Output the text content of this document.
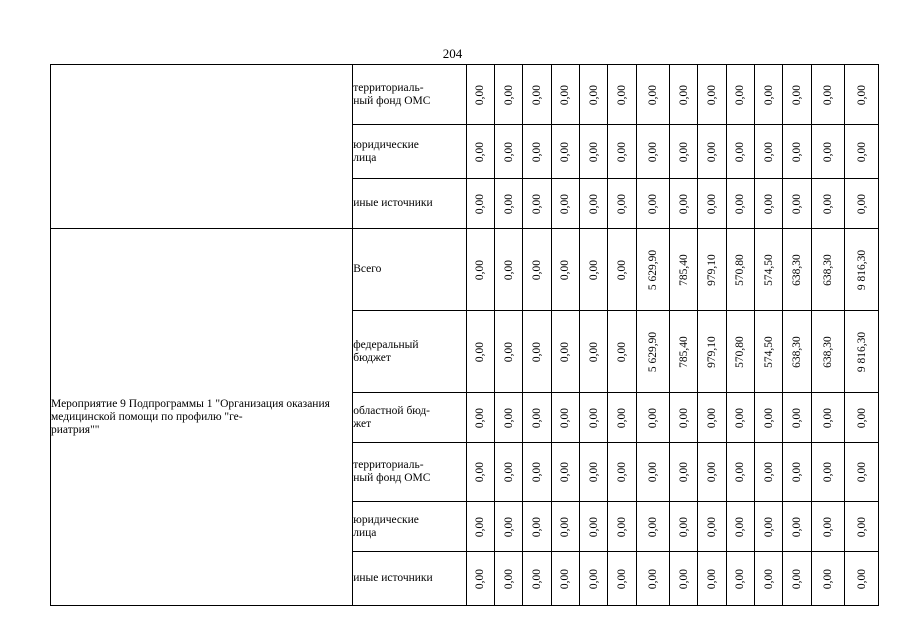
204
	территориаль-
ный фонд ОМС	0,00	0,00	0,00	0,00	0,00	0,00	0,00	0,00	0,00	0,00	0,00	0,00	0,00	0,00

	юридические
лица	0,00	0,00	0,00	0,00	0,00	0,00	0,00	0,00	0,00	0,00	0,00	0,00	0,00	0,00

	иные источники	0,00	0,00	0,00	0,00	0,00	0,00	0,00	0,00	0,00	0,00	0,00	0,00	0,00	0,00

Мероприятие 9 Подпрограммы 1 "Организация оказания медицинской помощи по профилю "ге-
риатрия""	Всего	0,00	0,00	0,00	0,00	0,00	0,00	5 629,90	785,40	979,10	570,80	574,50	638,30	638,30	9 816,30

	федеральный
бюджет	0,00	0,00	0,00	0,00	0,00	0,00	5 629,90	785,40	979,10	570,80	574,50	638,30	638,30	9 816,30

	областной бюд-
жет	0,00	0,00	0,00	0,00	0,00	0,00	0,00	0,00	0,00	0,00	0,00	0,00	0,00	0,00

	территориаль-
ный фонд ОМС	0,00	0,00	0,00	0,00	0,00	0,00	0,00	0,00	0,00	0,00	0,00	0,00	0,00	0,00

	юридические
лица	0,00	0,00	0,00	0,00	0,00	0,00	0,00	0,00	0,00	0,00	0,00	0,00	0,00	0,00

	иные источники	0,00	0,00	0,00	0,00	0,00	0,00	0,00	0,00	0,00	0,00	0,00	0,00	0,00	0,00
